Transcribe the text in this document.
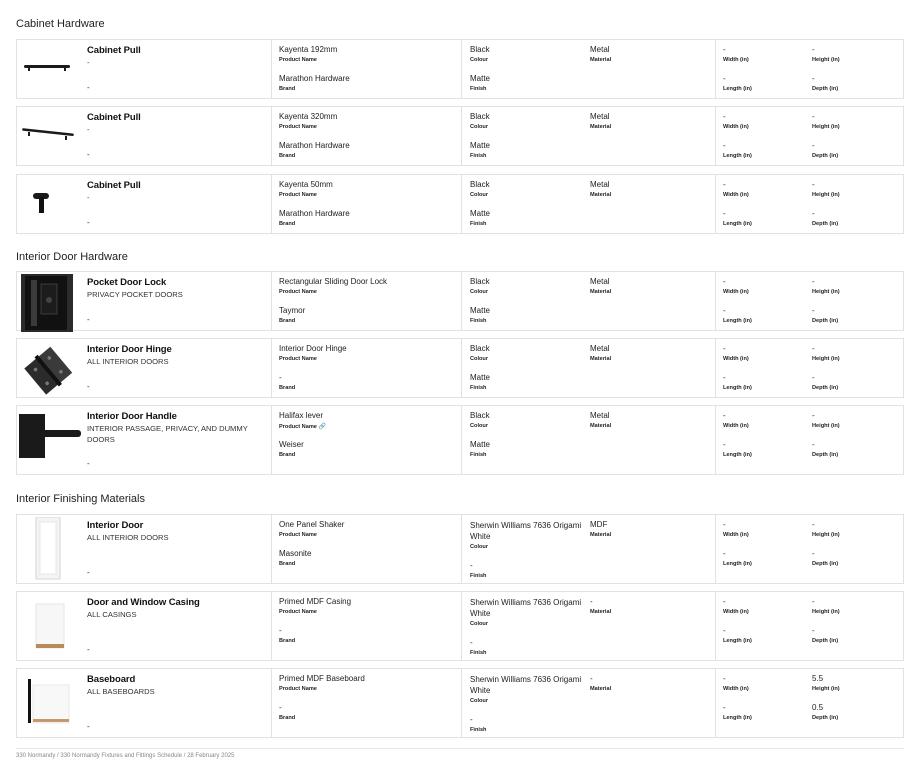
Cabinet Hardware
Cabinet Pull
-
-
Kayenta 192mm
Product Name
Marathon Hardware
Brand
Black
Colour
Matte
Finish
Metal
Material
-
Width (in)
-
Length (in)
-
Height (in)
-
Depth (in)
Cabinet Pull
-
-
Kayenta 320mm
Product Name
Marathon Hardware
Brand
Black
Colour
Matte
Finish
Metal
Material
-
Width (in)
-
Length (in)
-
Height (in)
-
Depth (in)
Cabinet Pull
-
-
Kayenta 50mm
Product Name
Marathon Hardware
Brand
Black
Colour
Matte
Finish
Metal
Material
-
Width (in)
-
Length (in)
-
Height (in)
-
Depth (in)
Interior Door Hardware
Pocket Door Lock
PRIVACY POCKET DOORS
-
Rectangular Sliding Door Lock
Product Name
Taymor
Brand
Black
Colour
Matte
Finish
Metal
Material
-
Width (in)
-
Length (in)
-
Height (in)
-
Depth (in)
Interior Door Hinge
ALL INTERIOR DOORS
-
Interior Door Hinge
Product Name
-
Brand
Black
Colour
Matte
Finish
Metal
Material
-
Width (in)
-
Length (in)
-
Height (in)
-
Depth (in)
Interior Door Handle
INTERIOR PASSAGE, PRIVACY, AND DUMMY DOORS
-
Halifax lever
Product Name 🔗
Weiser
Brand
Black
Colour
Matte
Finish
Metal
Material
-
Width (in)
-
Length (in)
-
Height (in)
-
Depth (in)
Interior Finishing Materials
Interior Door
ALL INTERIOR DOORS
-
One Panel Shaker
Product Name
Masonite
Brand
Sherwin Williams 7636 Origami White
Colour
-
Finish
MDF
Material
-
Width (in)
-
Length (in)
-
Height (in)
-
Depth (in)
Door and Window Casing
ALL CASINGS
-
Primed MDF Casing
Product Name
-
Brand
Sherwin Williams 7636 Origami White
Colour
-
Finish
-
Material
-
Width (in)
-
Length (in)
-
Height (in)
-
Depth (in)
Baseboard
ALL BASEBOARDS
-
Primed MDF Baseboard
Product Name
-
Brand
Sherwin Williams 7636 Origami White
Colour
-
Finish
-
Material
-
Width (in)
-
Length (in)
5.5
Height (in)
0.5
Depth (in)
330 Normandy / 330 Normandy Fixtures and Fittings Schedule / 28 February 2025
